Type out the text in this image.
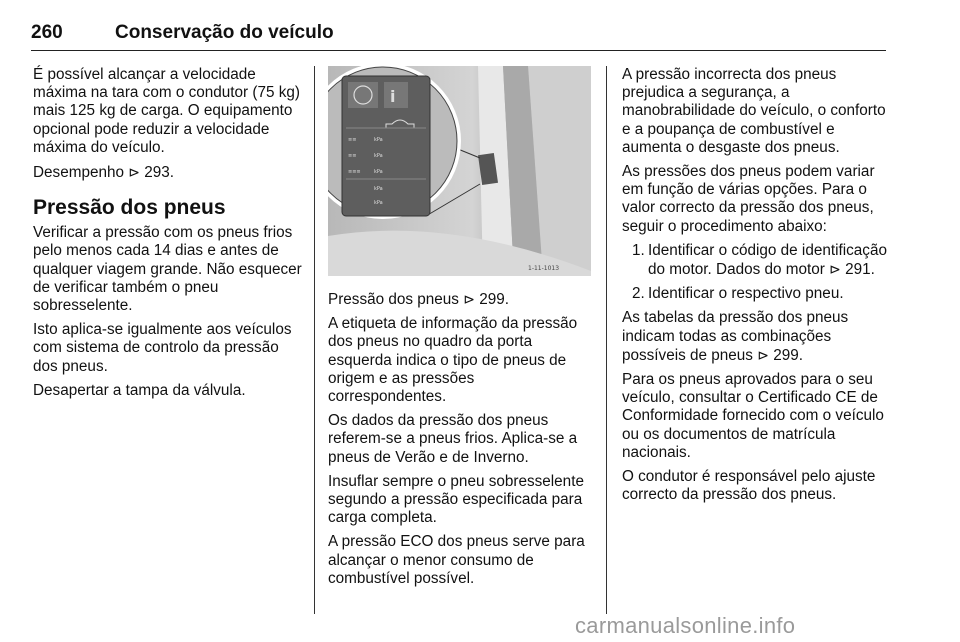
260	Conservação do veículo

É possível alcançar a velocidade máxima na tara com o condutor (75 kg) mais 125 kg de carga. O equipamento opcional pode reduzir a velocidade máxima do veículo.

Desempenho ⊳ 293.

Pressão dos pneus

Verificar a pressão com os pneus frios pelo menos cada 14 dias e antes de qualquer viagem grande. Não esquecer de verificar também o pneu sobresselente.

Isto aplica-se igualmente aos veículos com sistema de controlo da pressão dos pneus.

Desapertar a tampa da válvula.

i
≡≡	kPa
≡≡	kPa
≡≡≡	kPa
kPa
kPa
1-11-1013

Pressão dos pneus ⊳ 299.

A etiqueta de informação da pressão dos pneus no quadro da porta esquerda indica o tipo de pneus de origem e as pressões correspondentes.

Os dados da pressão dos pneus referem-se a pneus frios. Aplica-se a pneus de Verão e de Inverno.

Insuflar sempre o pneu sobresselente segundo a pressão especificada para carga completa.

A pressão ECO dos pneus serve para alcançar o menor consumo de combustível possível.

A pressão incorrecta dos pneus prejudica a segurança, a manobrabilidade do veículo, o conforto e a poupança de combustível e aumenta o desgaste dos pneus.

As pressões dos pneus podem variar em função de várias opções. Para o valor correcto da pressão dos pneus, seguir o procedimento abaixo:

1. Identificar o código de identificação do motor. Dados do motor ⊳ 291.
2. Identificar o respectivo pneu.

As tabelas da pressão dos pneus indicam todas as combinações possíveis de pneus ⊳ 299.

Para os pneus aprovados para o seu veículo, consultar o Certificado CE de Conformidade fornecido com o veículo ou os documentos de matrícula nacionais.

O condutor é responsável pelo ajuste correcto da pressão dos pneus.

carmanualsonline.info
